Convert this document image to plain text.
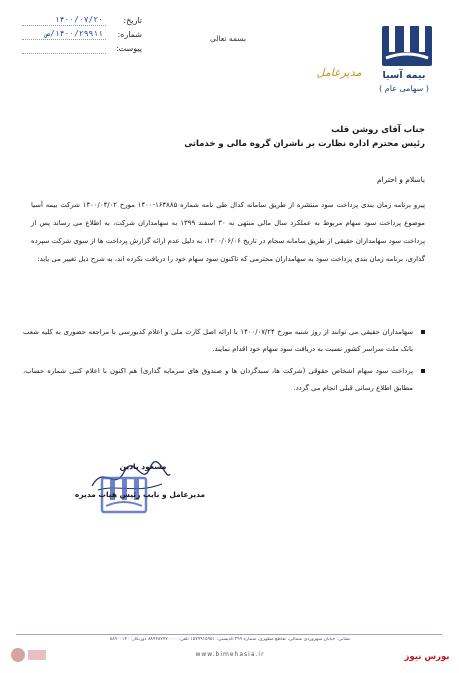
تاریخ:
۱۴۰۰/۰۷/۲۰
شماره:
۱۴۰۰/۲۹۹۱۱/ص
پیوست:
بسمه تعالی
بیمه آسیا
( سهامی عام )
مدیرعامل
جناب آقای روشن قلب
رئیس محترم اداره نظارت بر ناشران گروه مالی و خدماتی
باسلام و احترام
پیرو برنامه زمان بندی پرداخت سود منتشره از طریق سامانه کدال طی نامه شماره ۱۶۴۸۸۵-۱۴۰۰ مورخ ۱۴۰۰/۰۴/۰۲ شرکت بیمه آسیا موضوع پرداخت سود سهام مربوط به عملکرد سال مالی منتهی به ۳۰ اسفند ۱۳۹۹ به سهامداران شرکت، به اطلاع می رساند پس از پرداخت سود سهامداران حقیقی از طریق سامانه سجام در تاریخ ۱۴۰۰/۰۶/۰۶، به دلیل عدم ارائه گزارش پرداخت ها از سوی شرکت سپرده گذاری، برنامه زمان بندی پرداخت سود به سهامداران محترمی که تاکنون سود سهام خود را دریافت نکرده اند، به شرح ذیل تغییر می یابد:
سهامداران حقیقی می توانند از روز شنبه مورخ ۱۴۰۰/۰۷/۲۴ با ارائه اصل کارت ملی و اعلام کدبورسی با مراجعه حضوری به کلیه شعب بانک ملت سراسر کشور نسبت به دریافت سود سهام خود اقدام نمایند.
پرداخت سود سهام اشخاص حقوقی (شرکت ها، سبدگردان ها و صندوق های سرمایه گذاری) هم اکنون با اعلام کتبی شماره حساب، مطابق اطلاع رسانی قبلی انجام می گردد.
مسعود بادین
مدیرعامل و نایب رئیس هیات مدیره
نشانی: خیابان سهروردی شمالی، تقاطع مطهری، شماره ۲۹۹ کدپستی: ۱۵۷۹۹۱۵۹۵۱ تلفن: ۰۰ - ۸۸۹۴۸۷۷۷ دورنگار: ۸۸۹۰۰۱۴۰
www.bimehasia.ir	بورس نیوز
